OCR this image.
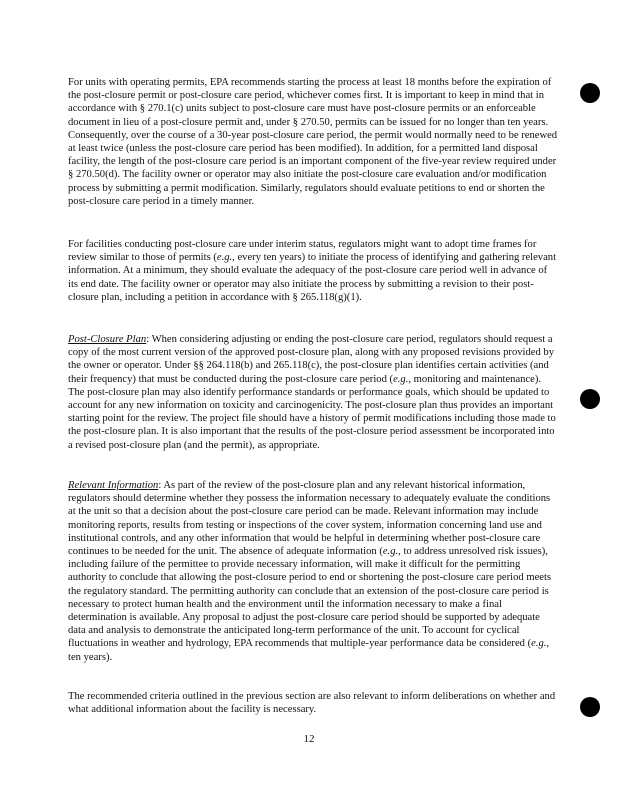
For units with operating permits, EPA recommends starting the process at least 18 months before the expiration of the post-closure permit or post-closure care period, whichever comes first. It is important to keep in mind that in accordance with § 270.1(c) units subject to post-closure care must have post-closure permits or an enforceable document in lieu of a post-closure permit and, under § 270.50, permits can be issued for no longer than ten years. Consequently, over the course of a 30-year post-closure care period, the permit would normally need to be renewed at least twice (unless the post-closure care period has been modified). In addition, for a permitted land disposal facility, the length of the post-closure care period is an important component of the five-year review required under § 270.50(d). The facility owner or operator may also initiate the post-closure care evaluation and/or modification process by submitting a permit modification. Similarly, regulators should evaluate petitions to end or shorten the post-closure care period in a timely manner.

For facilities conducting post-closure care under interim status, regulators might want to adopt time frames for review similar to those of permits (e.g., every ten years) to initiate the process of identifying and gathering relevant information. At a minimum, they should evaluate the adequacy of the post-closure care period well in advance of its end date. The facility owner or operator may also initiate the process by submitting a revision to their post-closure plan, including a petition in accordance with § 265.118(g)(1).

Post-Closure Plan: When considering adjusting or ending the post-closure care period, regulators should request a copy of the most current version of the approved post-closure plan, along with any proposed revisions provided by the owner or operator. Under §§ 264.118(b) and 265.118(c), the post-closure plan identifies certain activities (and their frequency) that must be conducted during the post-closure care period (e.g., monitoring and maintenance). The post-closure plan may also identify performance standards or performance goals, which should be updated to account for any new information on toxicity and carcinogenicity. The post-closure plan thus provides an important starting point for the review. The project file should have a history of permit modifications including those made to the post-closure plan. It is also important that the results of the post-closure period assessment be incorporated into a revised post-closure plan (and the permit), as appropriate.

Relevant Information: As part of the review of the post-closure plan and any relevant historical information, regulators should determine whether they possess the information necessary to adequately evaluate the conditions at the unit so that a decision about the post-closure care period can be made. Relevant information may include monitoring reports, results from testing or inspections of the cover system, information concerning land use and institutional controls, and any other information that would be helpful in determining whether post-closure care continues to be needed for the unit. The absence of adequate information (e.g., to address unresolved risk issues), including failure of the permittee to provide necessary information, will make it difficult for the permitting authority to conclude that allowing the post-closure period to end or shortening the post-closure care period meets the regulatory standard. The permitting authority can conclude that an extension of the post-closure care period is necessary to protect human health and the environment until the information necessary to make a final determination is available. Any proposal to adjust the post-closure care period should be supported by adequate data and analysis to demonstrate the anticipated long-term performance of the unit. To account for cyclical fluctuations in weather and hydrology, EPA recommends that multiple-year performance data be considered (e.g., ten years).

The recommended criteria outlined in the previous section are also relevant to inform deliberations on whether and what additional information about the facility is necessary.

12
